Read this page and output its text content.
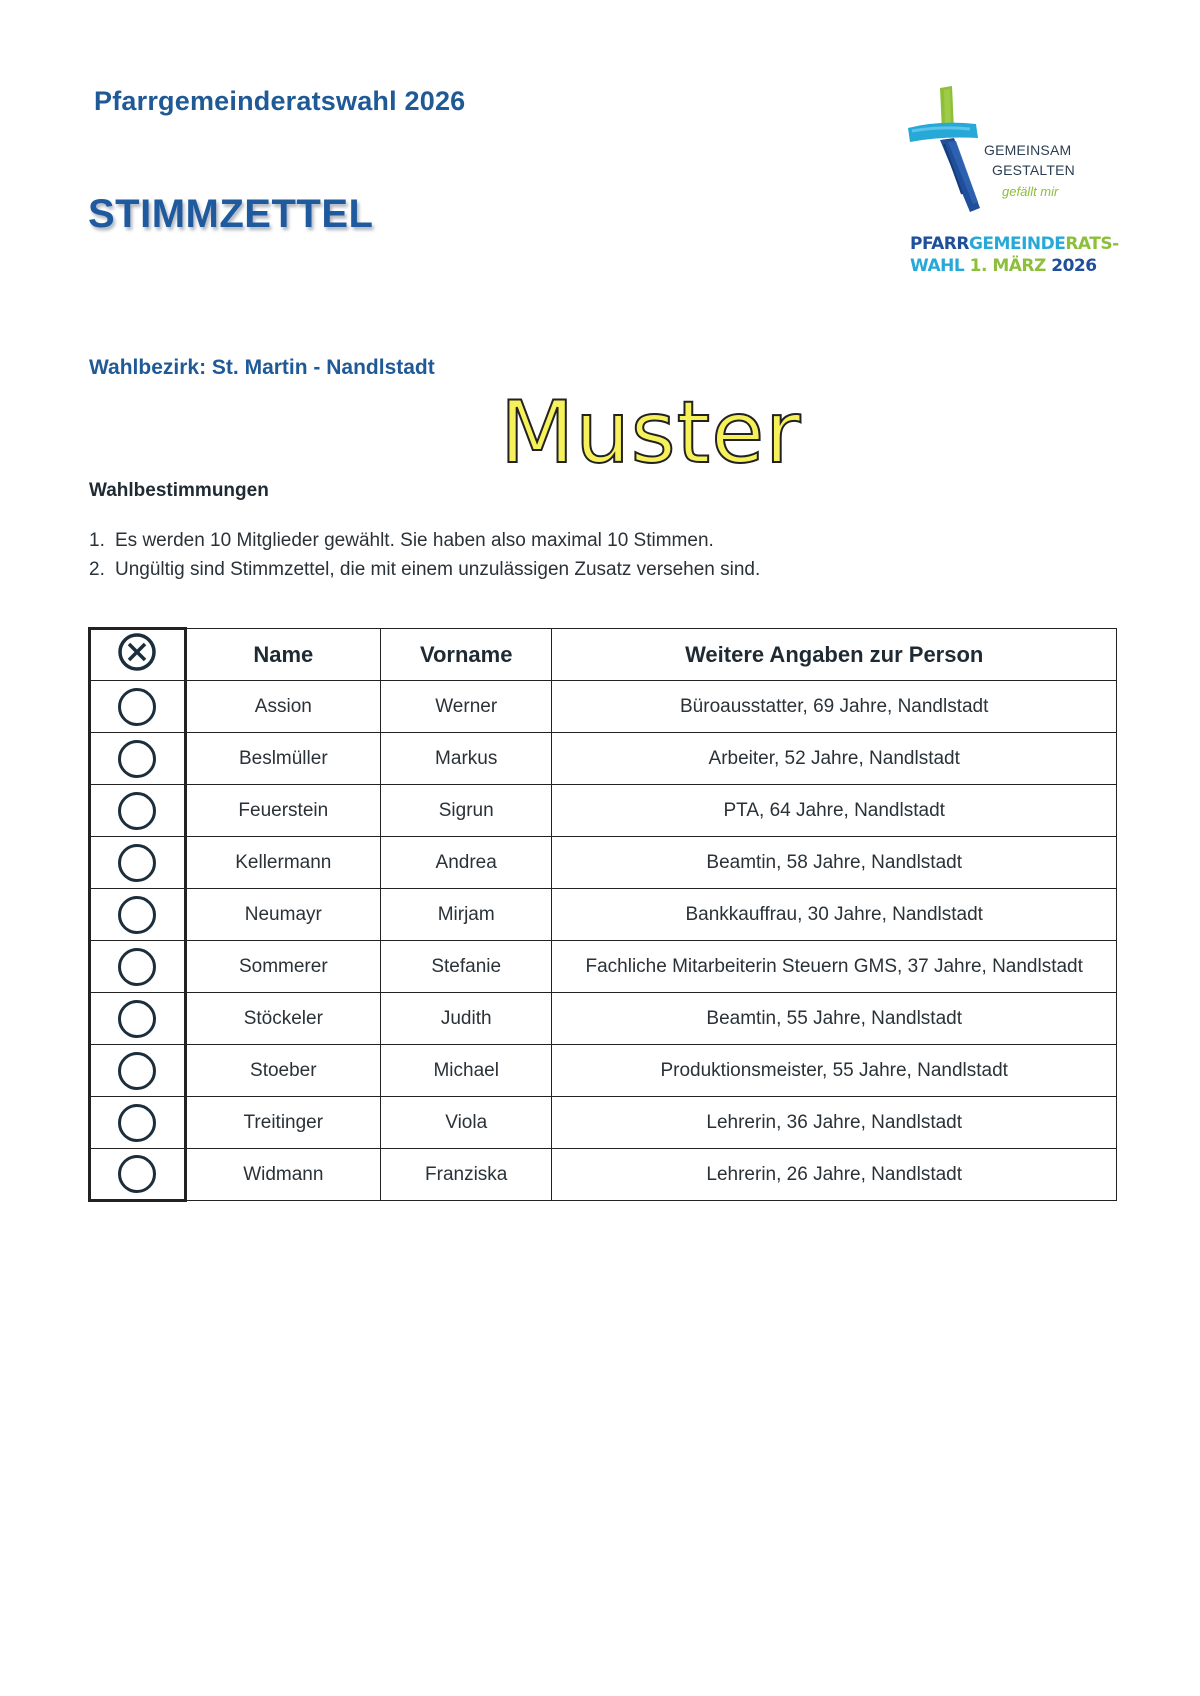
Pfarrgemeinderatswahl 2026
STIMMZETTEL
GEMEINSAM
GESTALTEN
gefällt mir
PFARRGEMEINDERATS-
WAHL 1. MÄRZ 2026
Wahlbezirk: St. Martin - Nandlstadt
Muster
Wahlbestimmungen
1. Es werden 10 Mitglieder gewählt. Sie haben also maximal 10 Stimmen.
2. Ungültig sind Stimmzettel, die mit einem unzulässigen Zusatz versehen sind.
	Name	Vorname	Weitere Angaben zur Person
	Assion	Werner	Büroausstatter, 69 Jahre, Nandlstadt
	Beslmüller	Markus	Arbeiter, 52 Jahre, Nandlstadt
	Feuerstein	Sigrun	PTA, 64 Jahre, Nandlstadt
	Kellermann	Andrea	Beamtin, 58 Jahre, Nandlstadt
	Neumayr	Mirjam	Bankkauffrau, 30 Jahre, Nandlstadt
	Sommerer	Stefanie	Fachliche Mitarbeiterin Steuern GMS, 37 Jahre, Nandlstadt
	Stöckeler	Judith	Beamtin, 55 Jahre, Nandlstadt
	Stoeber	Michael	Produktionsmeister, 55 Jahre, Nandlstadt
	Treitinger	Viola	Lehrerin, 36 Jahre, Nandlstadt
	Widmann	Franziska	Lehrerin, 26 Jahre, Nandlstadt
